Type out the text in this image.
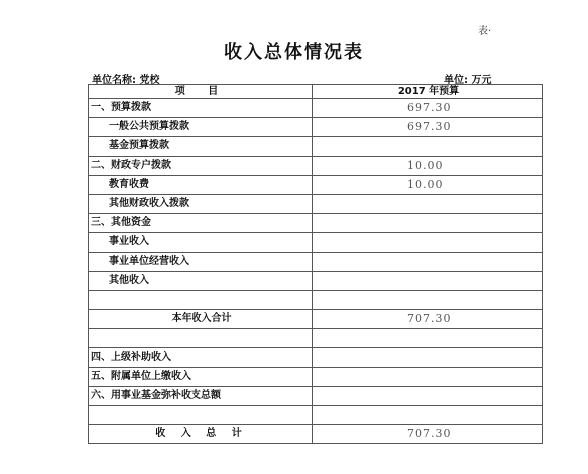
表·
收入总体情况表
单位名称: 党校	单位: 万元
项 目	2017 年预算
一、预算拨款	697.30
一般公共预算拨款	697.30
基金预算拨款	
二、财政专户拨款	10.00
教育收费	10.00
其他财政收入拨款	
三、其他资金	
事业收入	
事业单位经营收入	
其他收入	

本年收入合计	707.30

四、上级补助收入	
五、附属单位上缴收入	
六、用事业基金弥补收支总额	

收 入 总 计	707.30
